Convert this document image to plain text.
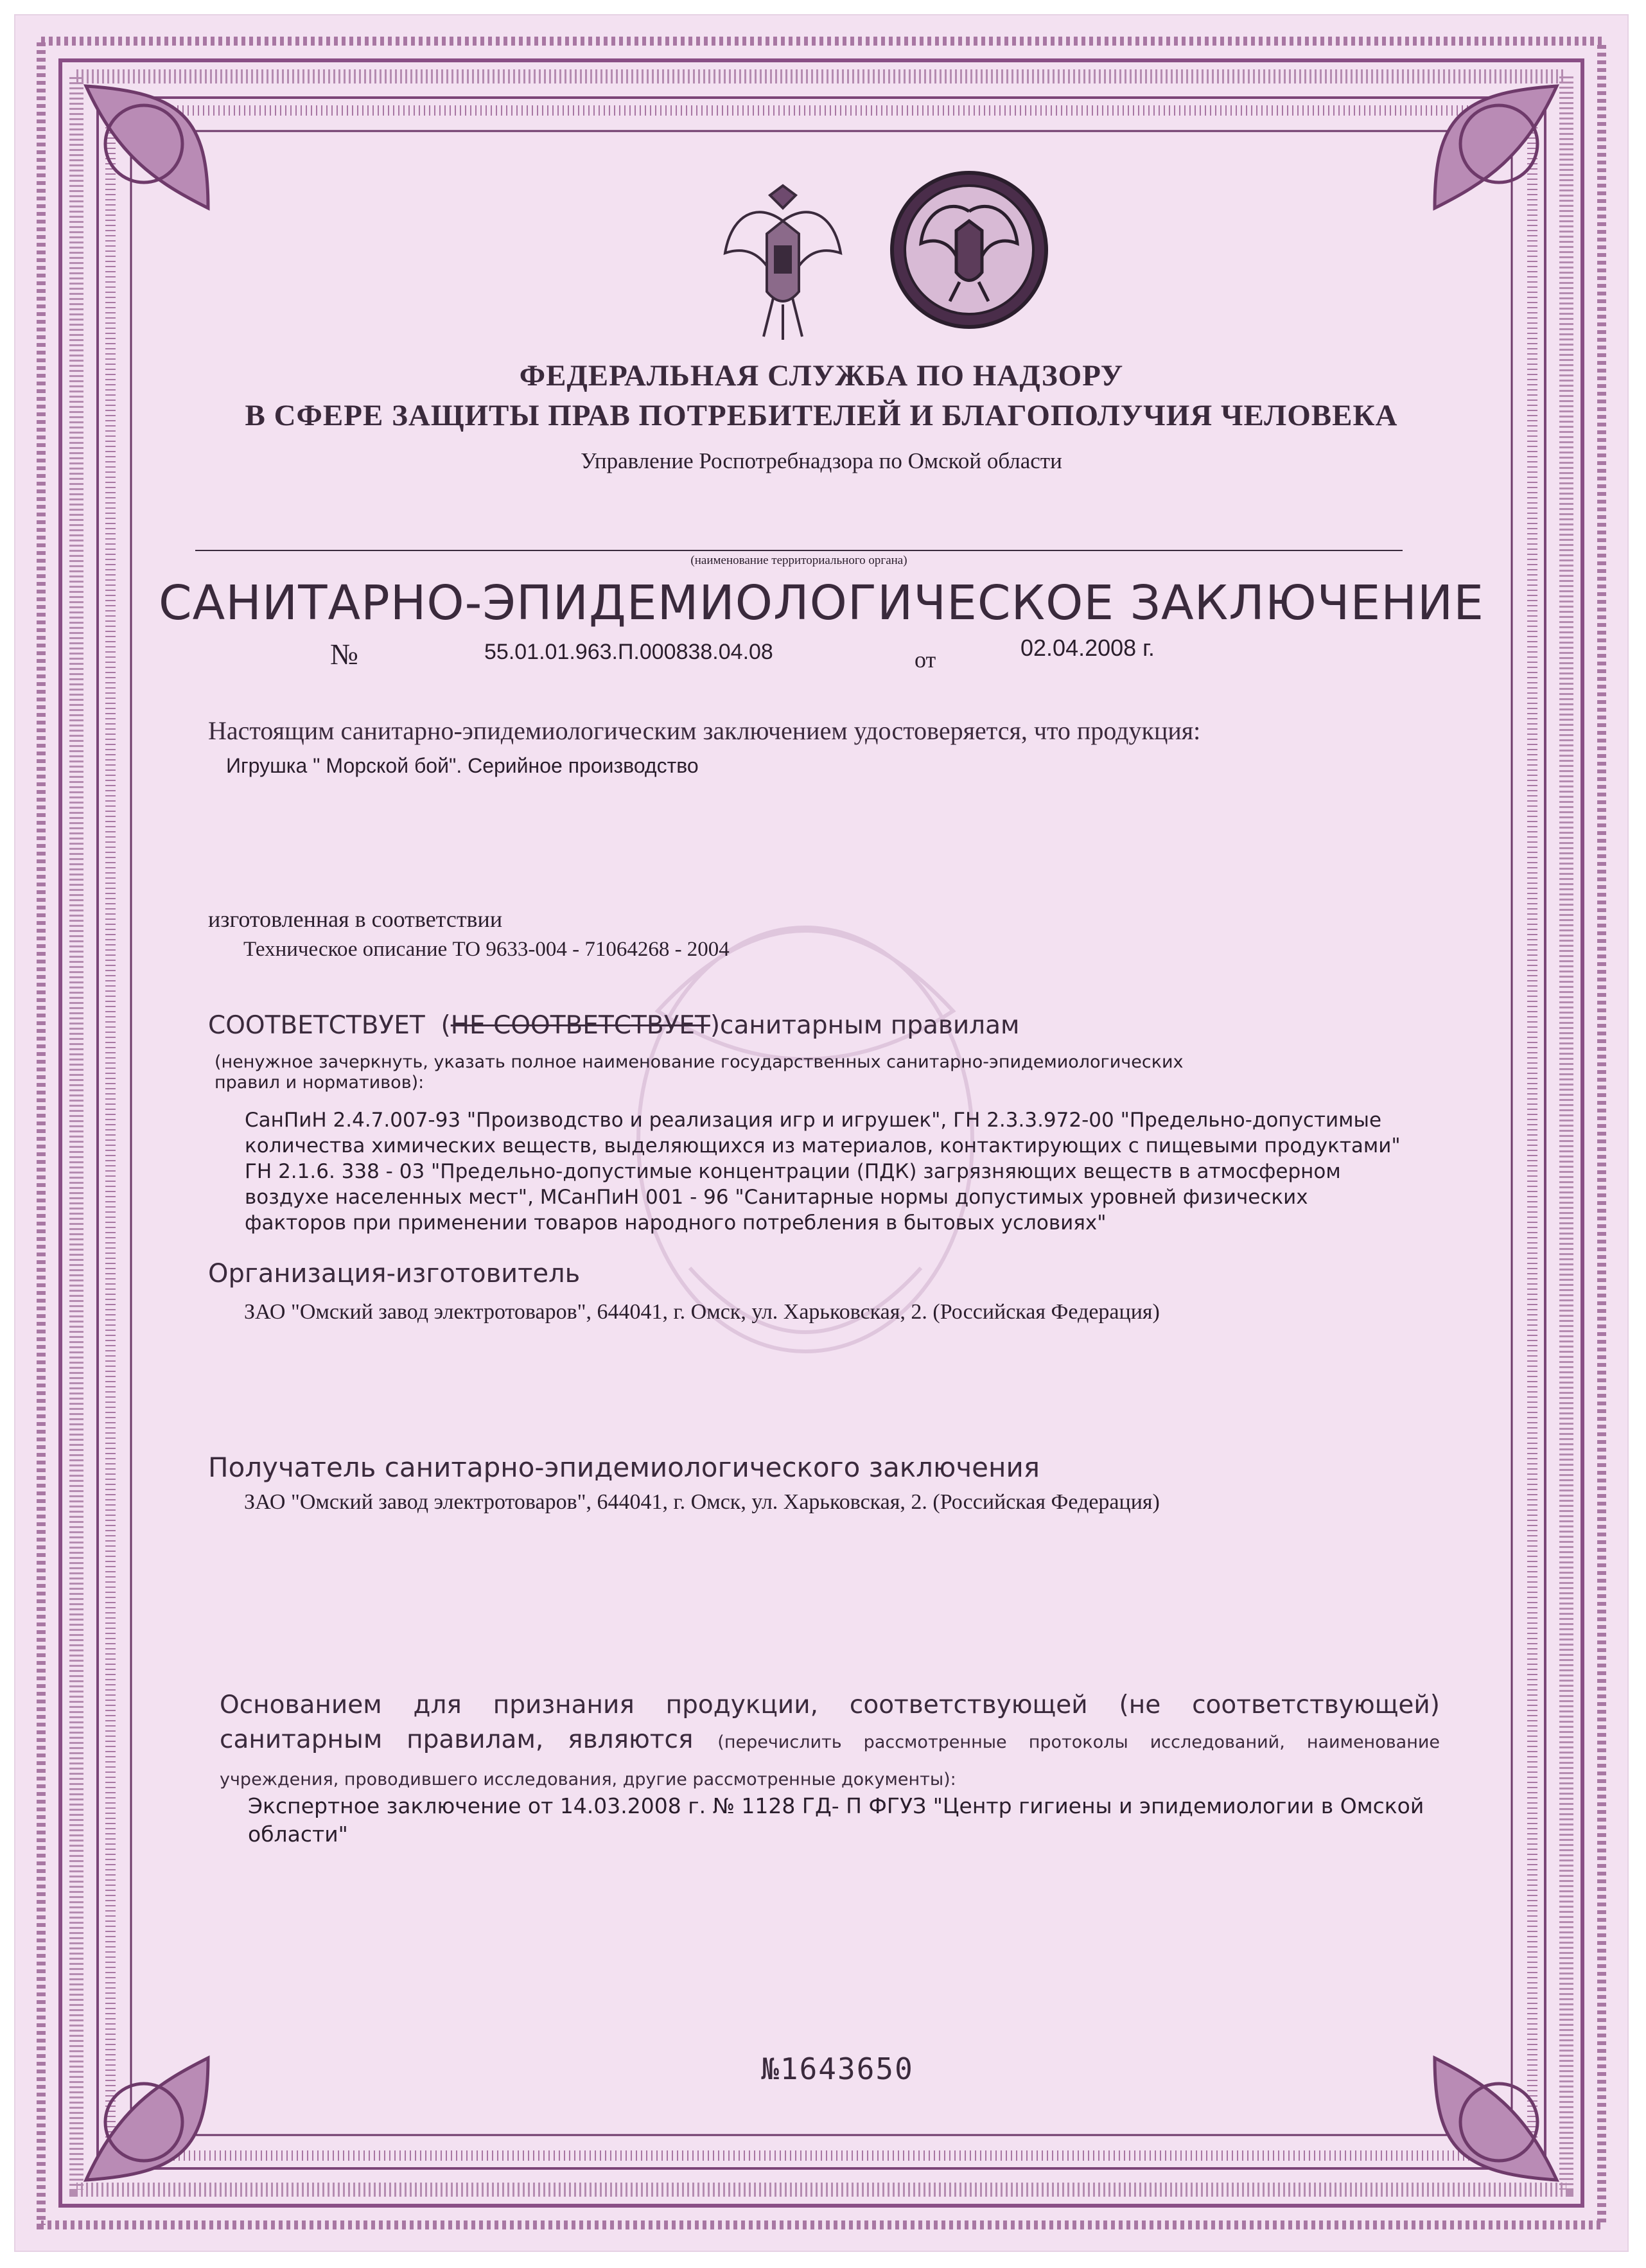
ФЕДЕРАЛЬНАЯ СЛУЖБА ПО НАДЗОРУ
В СФЕРЕ ЗАЩИТЫ ПРАВ ПОТРЕБИТЕЛЕЙ И БЛАГОПОЛУЧИЯ ЧЕЛОВЕКА
Управление Роспотребнадзора по Омской области
(наименование территориального органа)
САНИТАРНО-ЭПИДЕМИОЛОГИЧЕСКОЕ ЗАКЛЮЧЕНИЕ
№	55.01.01.963.П.000838.04.08	от	02.04.2008 г.
Настоящим санитарно-эпидемиологическим заключением удостоверяется, что продукция:
Игрушка " Морской бой". Серийное производство
изготовленная в соответствии
Техническое описание ТО 9633-004 - 71064268 - 2004
СООТВЕТСТВУЕТ  (НЕ СООТВЕТСТВУЕТ)санитарным правилам
(ненужное зачеркнуть, указать полное наименование государственных санитарно-эпидемиологических
правил и нормативов):
СанПиН 2.4.7.007-93 "Производство и реализация игр и игрушек", ГН 2.3.3.972-00 "Предельно-допустимые
количества химических веществ, выделяющихся из материалов, контактирующих с пищевыми продуктами"
ГН 2.1.6. 338 - 03 "Предельно-допустимые концентрации (ПДК) загрязняющих веществ в атмосферном
воздухе населенных мест", МСанПиН 001 - 96 "Санитарные нормы допустимых уровней физических
факторов при применении товаров народного потребления в бытовых условиях"
Организация-изготовитель
ЗАО "Омский завод электротоваров", 644041, г. Омск, ул. Харьковская, 2. (Российская Федерация)
Получатель санитарно-эпидемиологического заключения
ЗАО "Омский завод электротоваров", 644041, г. Омск, ул. Харьковская, 2. (Российская Федерация)
Основанием для признания продукции, соответствующей (не соответствующей) санитарным правилам, являются (перечислить рассмотренные протоколы исследований, наименование учреждения, проводившего исследования, другие рассмотренные документы):
Экспертное заключение от 14.03.2008 г. № 1128 ГД- П ФГУЗ "Центр гигиены и эпидемиологии в Омской области"
№1643650
